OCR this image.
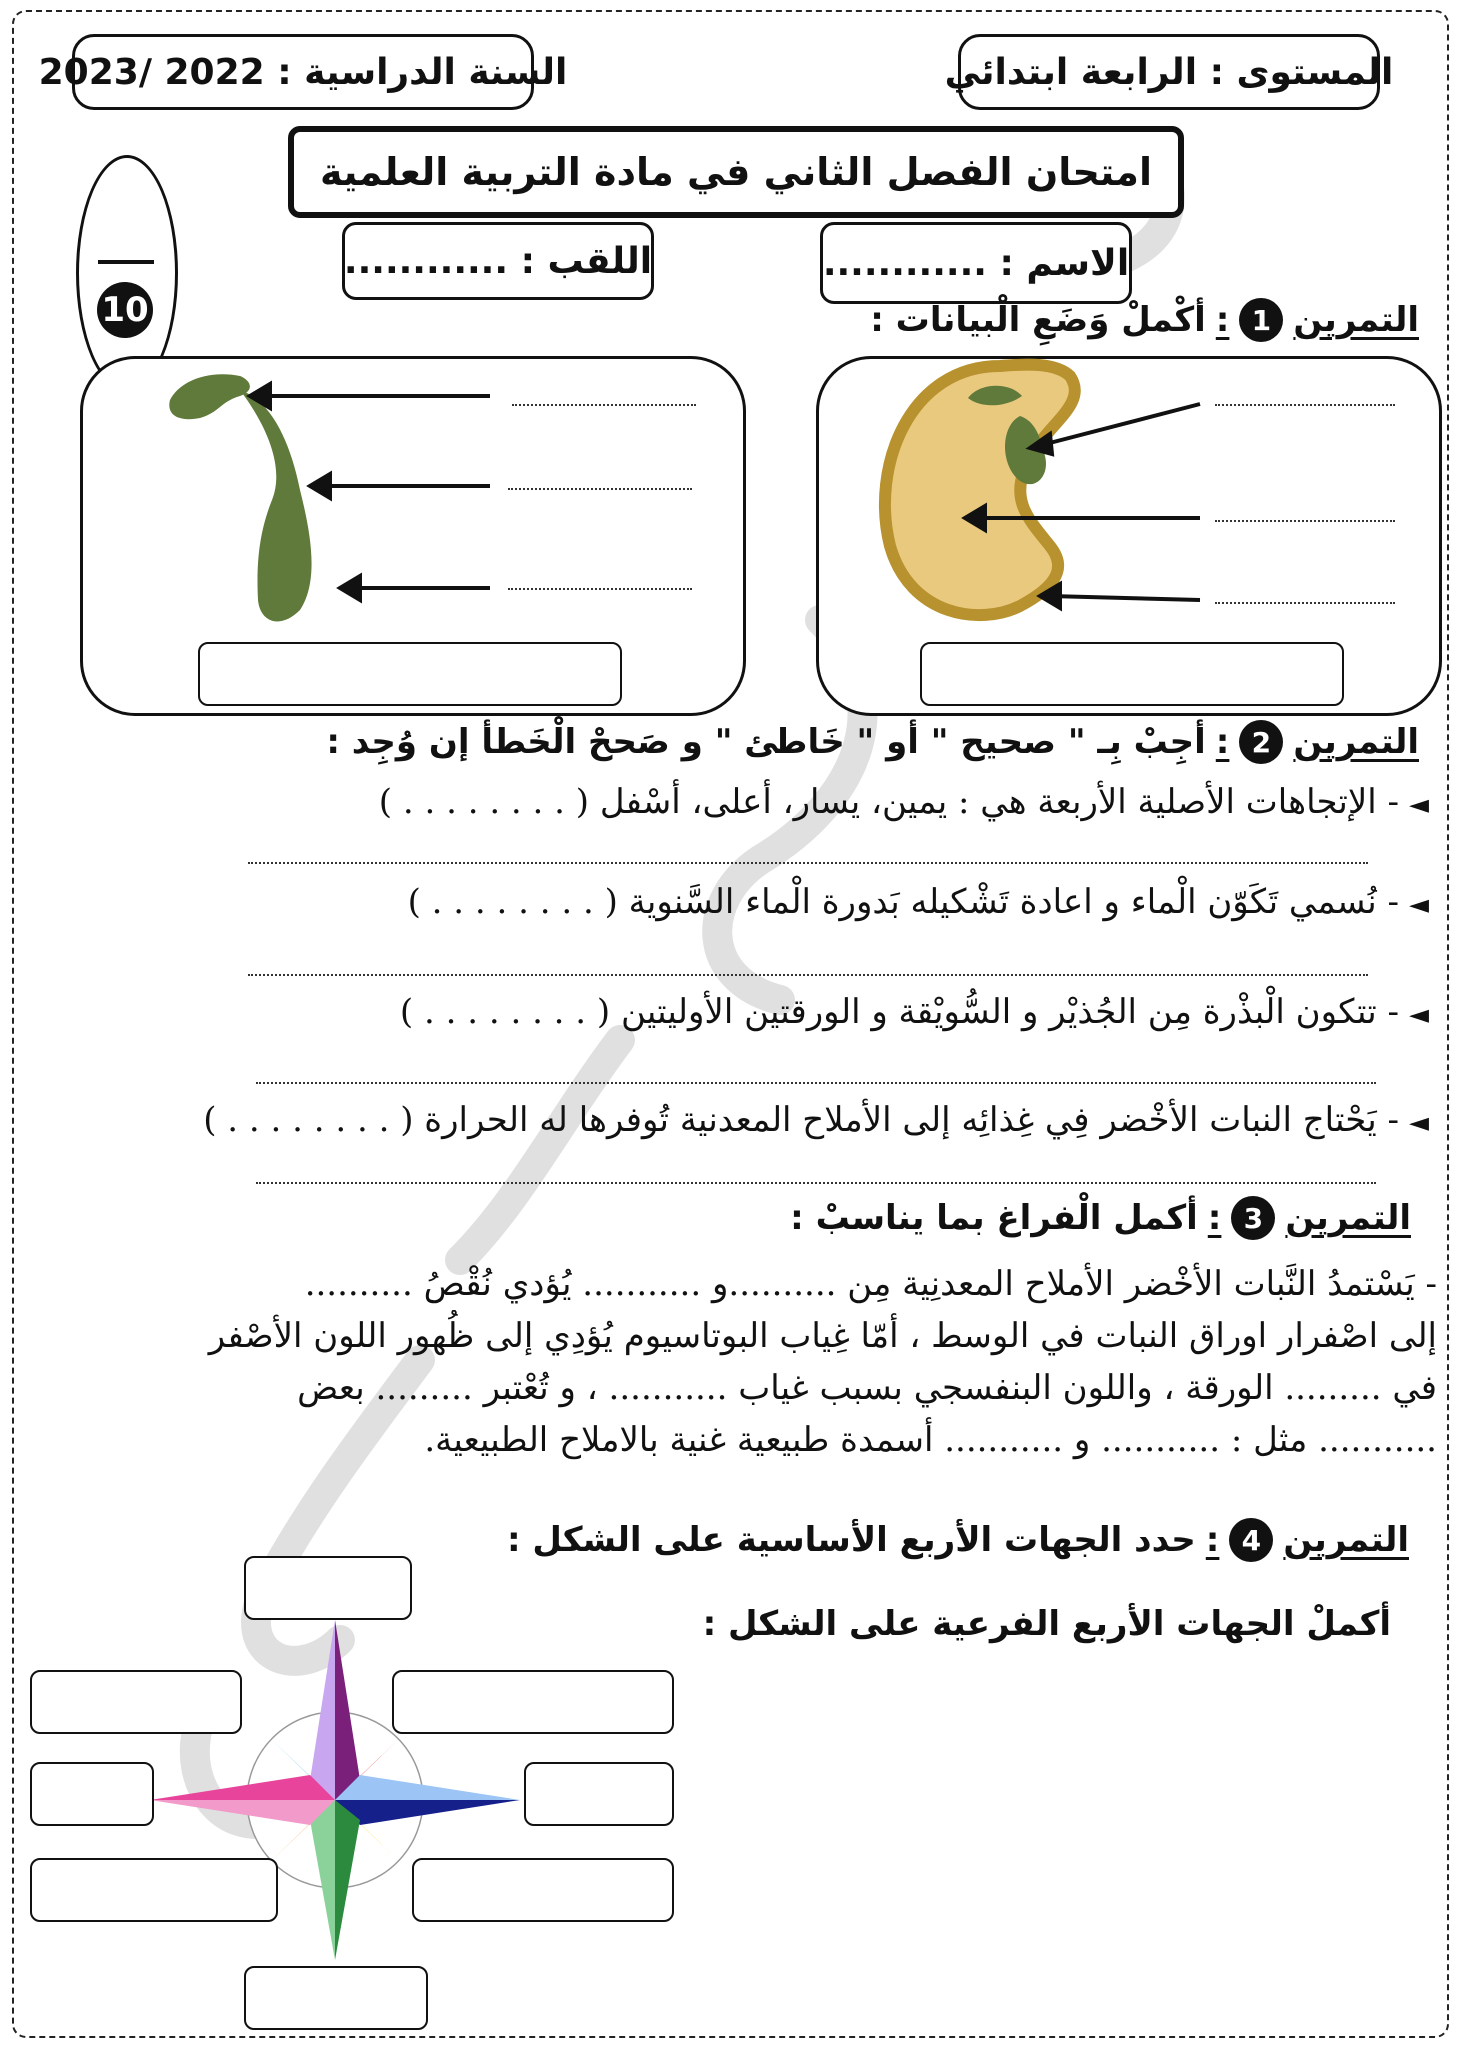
المستوى : الرابعة ابتدائي
السنة الدراسية : 2022 /2023
امتحان الفصل الثاني في مادة التربية العلمية
الاسم : ............
اللقب : ............
10	التمرين
1
:
أكْملْ وَضَعِ الْبيانات :
التمرين
2
:
أجِبْ بِـ " صحيح " أو " خَاطئ " و صَححْ الْخَطأ إن وُجِد :
◄- الإتجاهات الأصلية الأربعة هي : يمين، يسار، أعلى، أسْفل ( . . . . . . . . )
◄- نُسمي تَكَوّن الْماء و اعادة تَشْكيله بَدورة الْماء السَّنوية ( . . . . . . . . )
◄- تتكون الْبذْرة مِن الجُذيْر و السُّويْقة و الورقتين الأوليتين ( . . . . . . . . )
◄- يَحْتاج النبات الأخْضر فِي غِذائِه إلى الأملاح المعدنية تُوفرها له الحرارة ( . . . . . . . . )
التمرين
3
:
أكمل الْفراغ بما يناسبْ :
- يَسْتمدُ النَّبات الأخْضر الأملاح المعدنِية مِن ..........و ........... يُؤدي نُقْصُ ..........
إلى اصْفرار اوراق النبات في الوسط ، أمّا غِياب البوتاسيوم يُؤدِي إلى ظُهور اللون الأصْفر
في ......... الورقة ، واللون البنفسجي بسبب غياب ........... ، و تُعْتبر ......... بعض
........... مثل : ........... و ........... أسمدة طبيعية غنية بالاملاح الطبيعية.
التمرين
4
:
حدد الجهات الأربع الأساسية على الشكل :
أكملْ الجهات الأربع الفرعية على الشكل :
